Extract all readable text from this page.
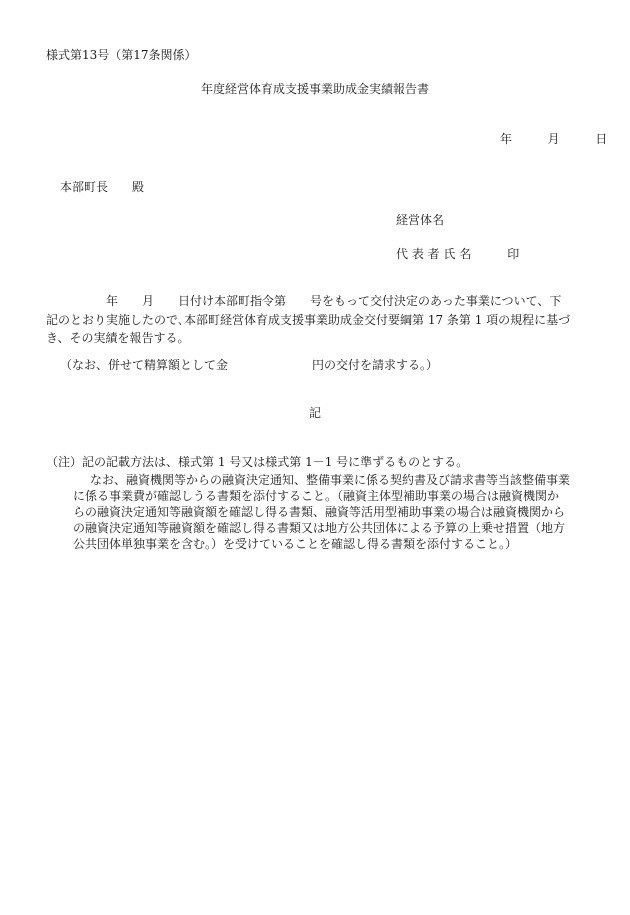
様式第13号（第17条関係）
年度経営体育成支援事業助成金実績報告書
年	月	日
本部町長　　殿
経営体名
代 表 者 氏 名　　　印
　　　　　年　　月　　日付け本部町指令第　　号をもって交付決定のあった事業について、下
記のとおり実施したので､本部町経営体育成支援事業助成金交付要綱第 17 条第 1 項の規程に基づ
き、その実績を報告する。
（なお、併せて精算額として金　　　　　　　円の交付を請求する。）
記
（注）記の記載方法は、様式第 1 号又は様式第 1－1 号に準ずるものとする。
なお、融資機関等からの融資決定通知、整備事業に係る契約書及び請求書等当該整備事業
に係る事業費が確認しうる書類を添付すること。（融資主体型補助事業の場合は融資機関か
らの融資決定通知等融資額を確認し得る書類、融資等活用型補助事業の場合は融資機関から
の融資決定通知等融資額を確認し得る書類又は地方公共団体による予算の上乗せ措置（地方
公共団体単独事業を含む。）を受けていることを確認し得る書類を添付すること。）
